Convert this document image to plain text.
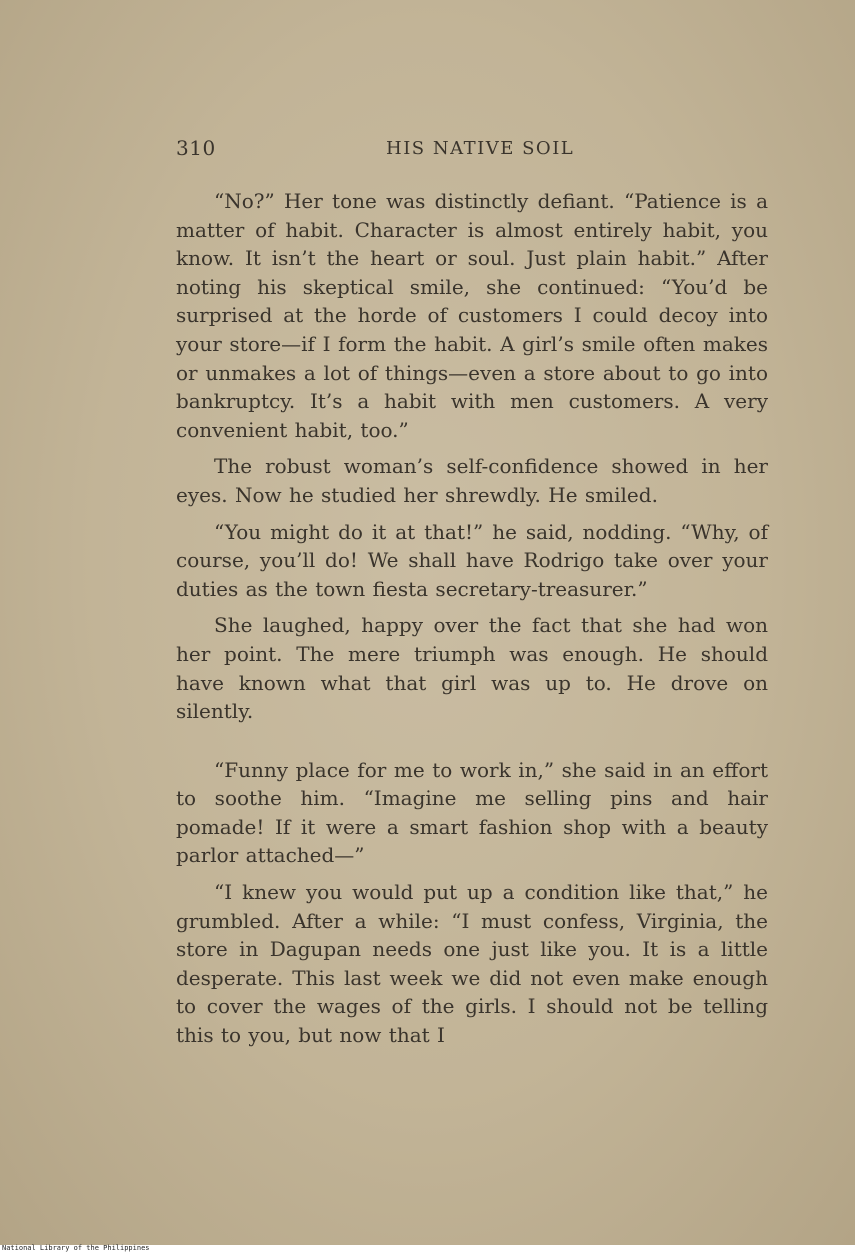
310	HIS NATIVE SOIL

“No?” Her tone was distinctly defiant. “Patience is a matter of habit. Character is almost entirely habit, you know. It isn’t the heart or soul. Just plain habit.” After noting his skeptical smile, she continued: “You’d be surprised at the horde of customers I could decoy into your store—if I form the habit. A girl’s smile often makes or unmakes a lot of things—even a store about to go into bankruptcy. It’s a habit with men customers. A very convenient habit, too.”

The robust woman’s self-confidence showed in her eyes. Now he studied her shrewdly. He smiled.

“You might do it at that!” he said, nodding. “Why, of course, you’ll do! We shall have Rodrigo take over your duties as the town fiesta secretary-treasurer.”

She laughed, happy over the fact that she had won her point. The mere triumph was enough. He should have known what that girl was up to. He drove on silently.

“Funny place for me to work in,” she said in an effort to soothe him. “Imagine me selling pins and hair pomade! If it were a smart fashion shop with a beauty parlor attached—”

“I knew you would put up a condition like that,” he grumbled. After a while: “I must confess, Virginia, the store in Dagupan needs one just like you. It is a little desperate. This last week we did not even make enough to cover the wages of the girls. I should not be telling this to you, but now that I

National Library of the Philippines
